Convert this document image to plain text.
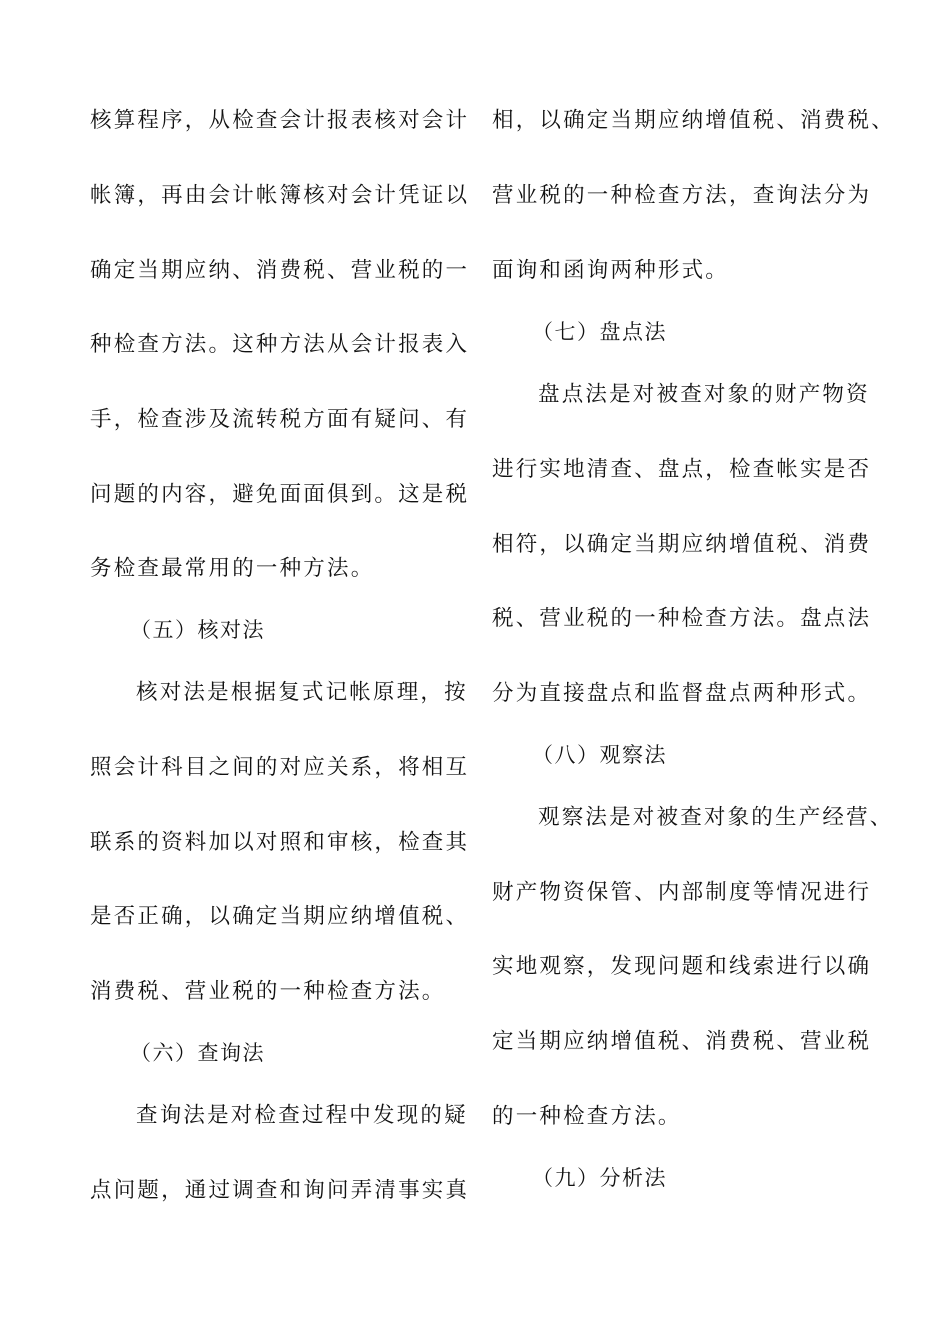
核算程序，从检查会计报表核对会计
帐簿，再由会计帐簿核对会计凭证以
确定当期应纳、消费税、营业税的一
种检查方法。这种方法从会计报表入
手，检查涉及流转税方面有疑问、有
问题的内容，避免面面俱到。这是税
务检查最常用的一种方法。
（五）核对法
核对法是根据复式记帐原理，按
照会计科目之间的对应关系，将相互
联系的资料加以对照和审核，检查其
是否正确，以确定当期应纳增值税、
消费税、营业税的一种检查方法。
（六）查询法
查询法是对检查过程中发现的疑
点问题，通过调查和询问弄清事实真
相，以确定当期应纳增值税、消费税、
营业税的一种检查方法，查询法分为
面询和函询两种形式。
（七）盘点法
盘点法是对被查对象的财产物资
进行实地清查、盘点，检查帐实是否
相符，以确定当期应纳增值税、消费
税、营业税的一种检查方法。盘点法
分为直接盘点和监督盘点两种形式。
（八）观察法
观察法是对被查对象的生产经营、
财产物资保管、内部制度等情况进行
实地观察，发现问题和线索进行以确
定当期应纳增值税、消费税、营业税
的一种检查方法。
（九）分析法
